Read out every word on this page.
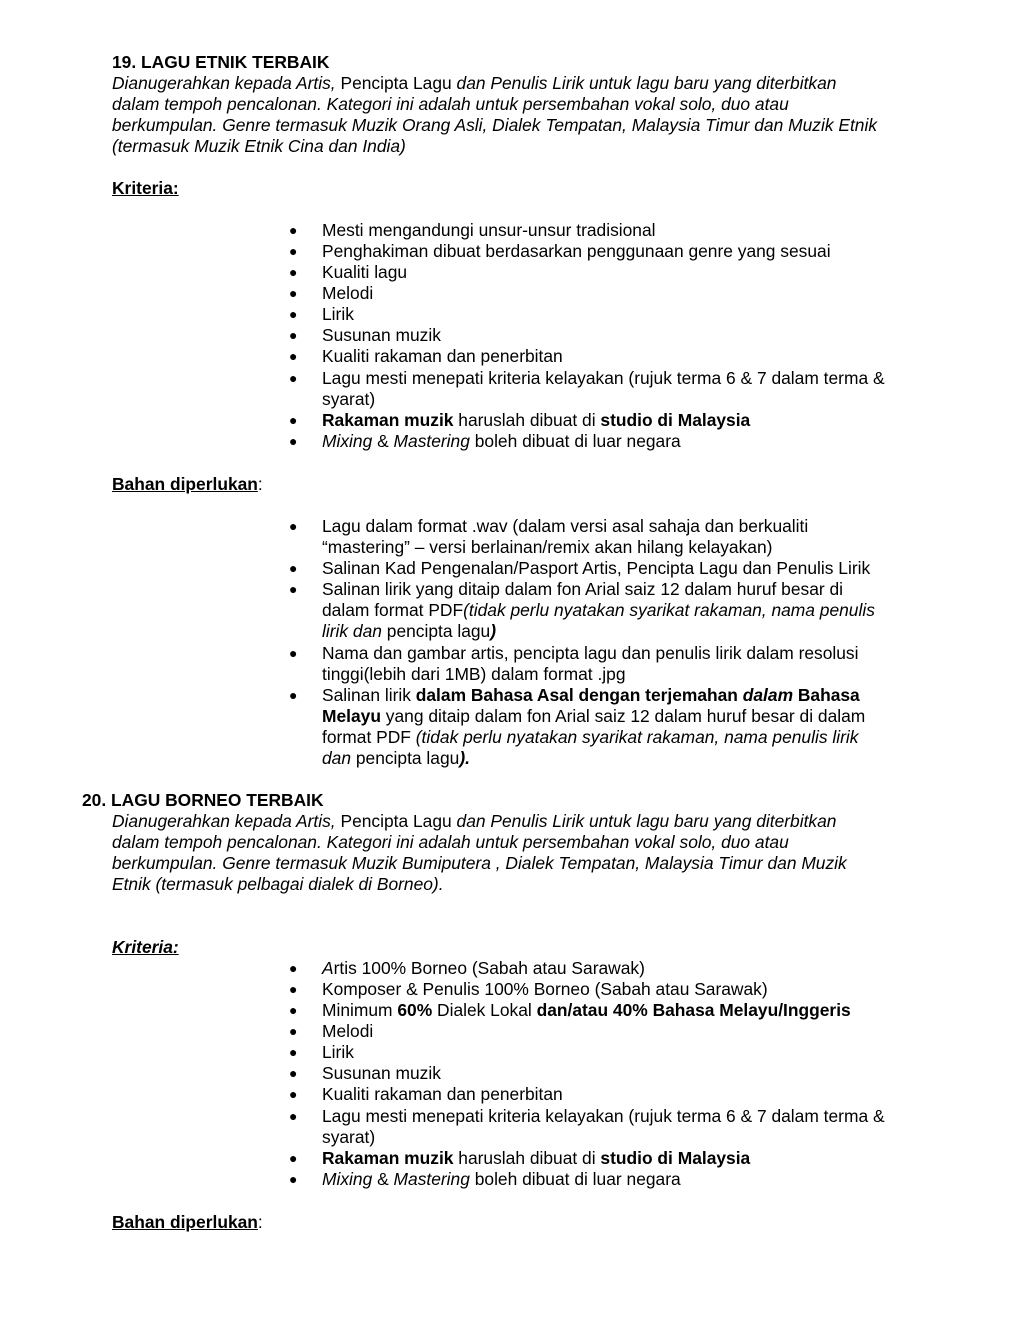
19. LAGU ETNIK TERBAIK
Dianugerahkan kepada Artis, Pencipta Lagu dan Penulis Lirik untuk lagu baru yang diterbitkan
dalam tempoh pencalonan. Kategori ini adalah untuk persembahan vokal solo, duo atau
berkumpulan. Genre termasuk Muzik Orang Asli, Dialek Tempatan, Malaysia Timur dan Muzik Etnik
(termasuk Muzik Etnik Cina dan India)
Kriteria:
● Mesti mengandungi unsur-unsur tradisional
● Penghakiman dibuat berdasarkan penggunaan genre yang sesuai
● Kualiti lagu
● Melodi
● Lirik
● Susunan muzik
● Kualiti rakaman dan penerbitan
● Lagu mesti menepati kriteria kelayakan (rujuk terma 6 & 7 dalam terma &
syarat)
● Rakaman muzik haruslah dibuat di studio di Malaysia
● Mixing & Mastering boleh dibuat di luar negara
Bahan diperlukan:
● Lagu dalam format .wav (dalam versi asal sahaja dan berkualiti
“mastering” – versi berlainan/remix akan hilang kelayakan)
● Salinan Kad Pengenalan/Pasport Artis, Pencipta Lagu dan Penulis Lirik
● Salinan lirik yang ditaip dalam fon Arial saiz 12 dalam huruf besar di
dalam format PDF(tidak perlu nyatakan syarikat rakaman, nama penulis
lirik dan pencipta lagu)
● Nama dan gambar artis, pencipta lagu dan penulis lirik dalam resolusi
tinggi(lebih dari 1MB) dalam format .jpg
● Salinan lirik dalam Bahasa Asal dengan terjemahan dalam Bahasa
Melayu yang ditaip dalam fon Arial saiz 12 dalam huruf besar di dalam
format PDF (tidak perlu nyatakan syarikat rakaman, nama penulis lirik
dan pencipta lagu).
20. LAGU BORNEO TERBAIK
Dianugerahkan kepada Artis, Pencipta Lagu dan Penulis Lirik untuk lagu baru yang diterbitkan
dalam tempoh pencalonan. Kategori ini adalah untuk persembahan vokal solo, duo atau
berkumpulan. Genre termasuk Muzik Bumiputera , Dialek Tempatan, Malaysia Timur dan Muzik
Etnik (termasuk pelbagai dialek di Borneo).
Kriteria:
● Artis 100% Borneo (Sabah atau Sarawak)
● Komposer & Penulis 100% Borneo (Sabah atau Sarawak)
● Minimum 60% Dialek Lokal dan/atau 40% Bahasa Melayu/Inggeris
● Melodi
● Lirik
● Susunan muzik
● Kualiti rakaman dan penerbitan
● Lagu mesti menepati kriteria kelayakan (rujuk terma 6 & 7 dalam terma &
syarat)
● Rakaman muzik haruslah dibuat di studio di Malaysia
● Mixing & Mastering boleh dibuat di luar negara
Bahan diperlukan:
